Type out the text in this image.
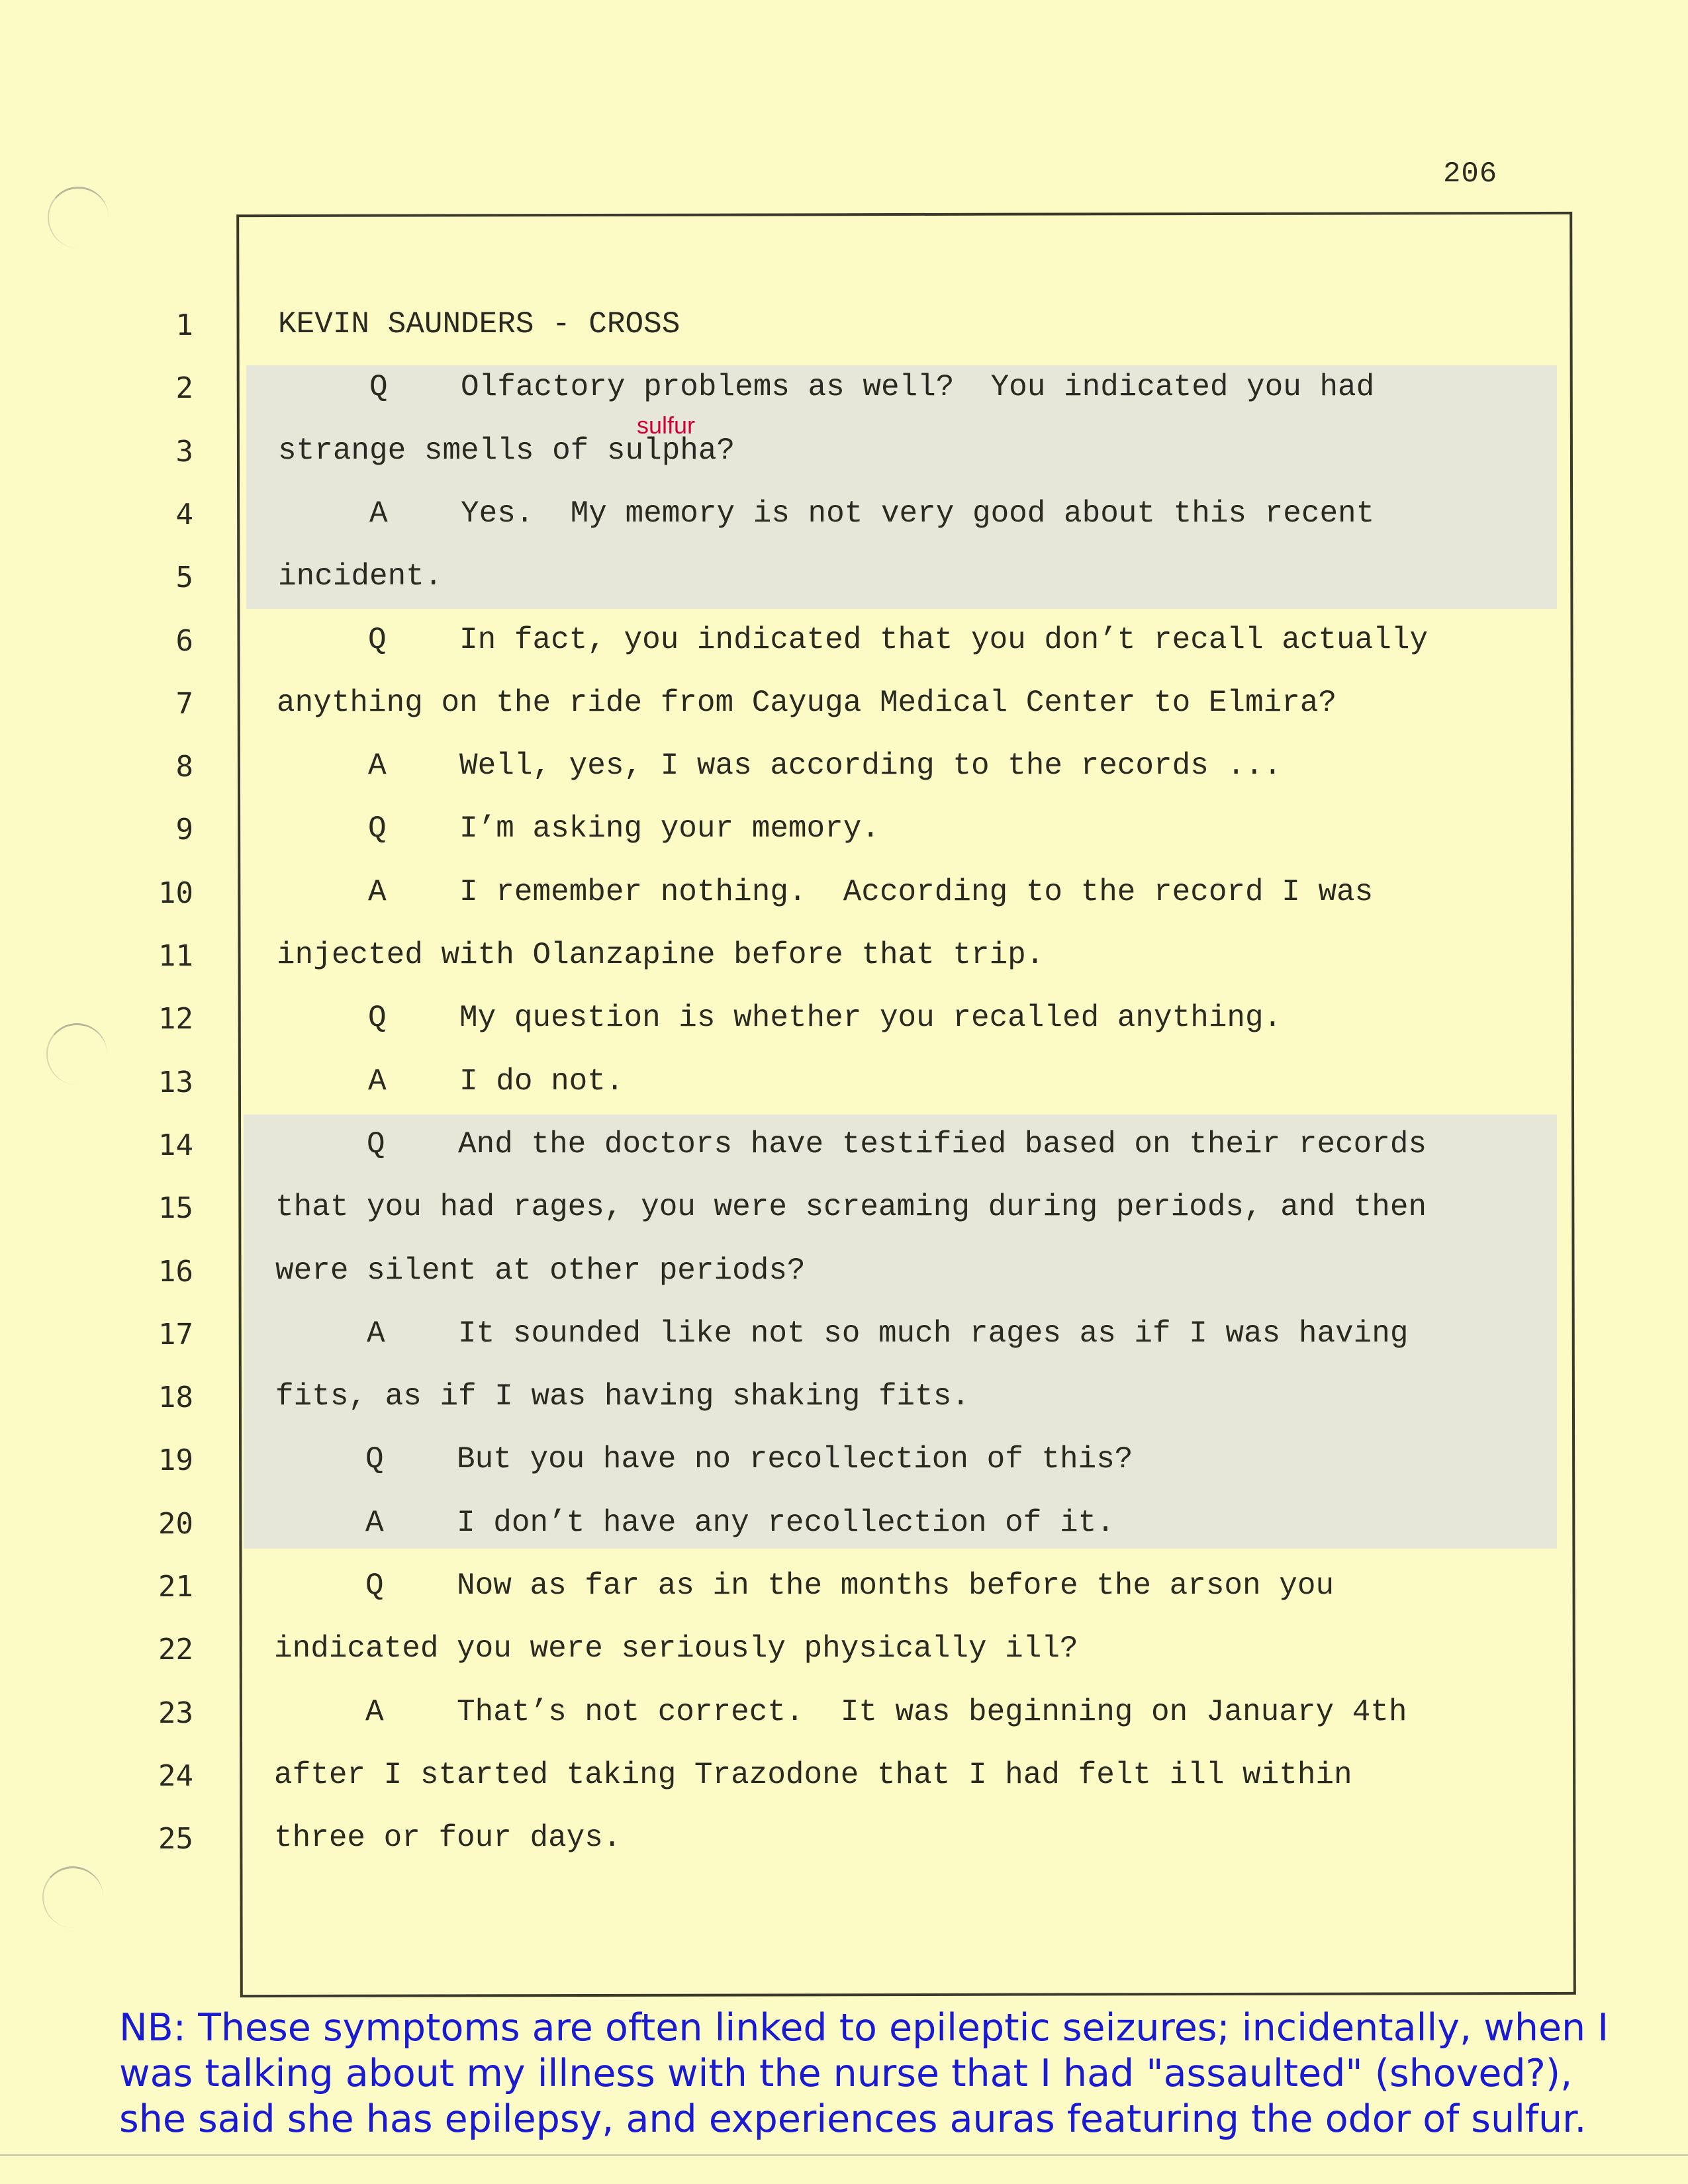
206
sulfur
1	KEVIN SAUNDERS - CROSS
2	Q    Olfactory problems as well?  You indicated you had
3	strange smells of sulpha?
4	A    Yes.  My memory is not very good about this recent
5	incident.
6	Q    In fact, you indicated that you don’t recall actually
7	anything on the ride from Cayuga Medical Center to Elmira?
8	A    Well, yes, I was according to the records ...
9	Q    I’m asking your memory.
10	A    I remember nothing.  According to the record I was
11	injected with Olanzapine before that trip.
12	Q    My question is whether you recalled anything.
13	A    I do not.
14	Q    And the doctors have testified based on their records
15	that you had rages, you were screaming during periods, and then
16	were silent at other periods?
17	A    It sounded like not so much rages as if I was having
18	fits, as if I was having shaking fits.
19	Q    But you have no recollection of this?
20	A    I don’t have any recollection of it.
21	Q    Now as far as in the months before the arson you
22	indicated you were seriously physically ill?
23	A    That’s not correct.  It was beginning on January 4th
24	after I started taking Trazodone that I had felt ill within
25	three or four days.
NB: These symptoms are often linked to epileptic seizures; incidentally, when I was talking about my illness with the nurse that I had "assaulted" (shoved?), she said she has epilepsy, and experiences auras featuring the odor of sulfur.
